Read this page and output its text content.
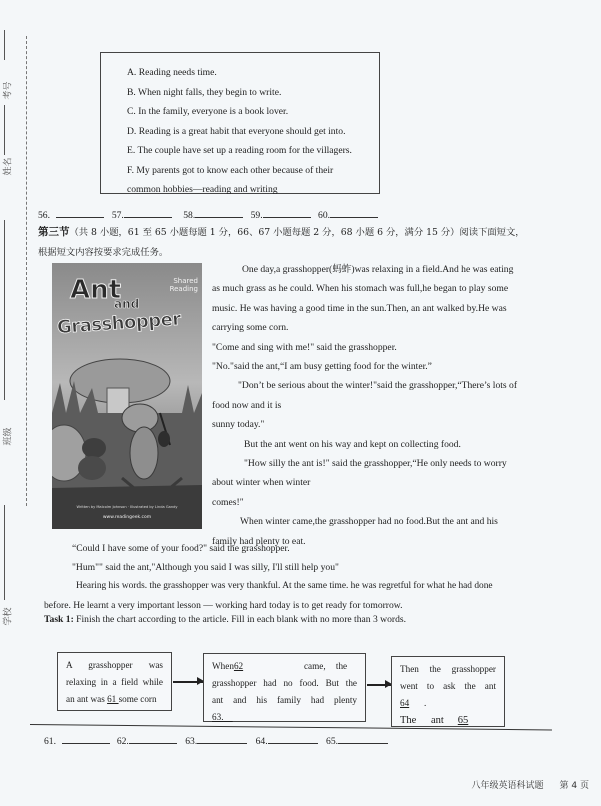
考号
姓名
班级
学校
A. Reading needs time.
B. When night falls, they begin to write.
C. In the family, everyone is a book lover.
D. Reading is a great habit that everyone should get into.
E. The couple have set up a reading room for the villagers.
F. My parents got to know each other because of their
common hobbies—reading and writing
56.	57.	58.	59.	60.
第三节（共 8 小题，61 至 65 小题每题 1 分，66、67 小题每题 2 分，68 小题 6 分，满分 15 分）阅读下面短文，
根据短文内容按要求完成任务。
Shared Reading
Ant
and
Grasshopper
Written by Malcolm Johnson · Illustrated by Linda Gandy
www.readingeek.com

One day,a grasshopper(蚂蚱)was relaxing in a field.And he was eating

as much grass as he could. When his stomach was full,he began to play some

music. He was having a good time in the sun.Then, an ant walked by.He was

carrying some corn.

"Come and sing with me!" said the grasshopper.

"No."said the ant,“I am busy getting food for the winter.”

"Don’t be serious about the winter!"said the grasshopper,“There’s lots of

food now and it is

sunny today."

But the ant went on his way and kept on collecting food.

"How silly the ant is!" said the grasshopper,“He only needs to worry

about winter when winter

comes!"

When winter came,the grasshopper had no food.But the ant and his

family had plenty to eat.

“Could I have some of your food?" said the grasshopper.
"Hum"" said the ant,"Although you said I was silly, I'll still help you"
Hearing his words. the grasshopper was very thankful. At the same time. he was regretful for what he had done
before. He learnt a very important lesson — working hard today is to get ready for tomorrow.
Task 1: Finish the chart according to the article. Fill in each blank with no more than 3 words.
A grasshopper was
relaxing in a field while
an ant was 61 some corn
When62	came, the
grasshopper had no food. But the
ant and his family had plenty
63.
Then the grasshopper
went to ask the ant
64 .
The ant 65
61.	62.	63.	64.	65.
八年级英语科试题 第 4 页
